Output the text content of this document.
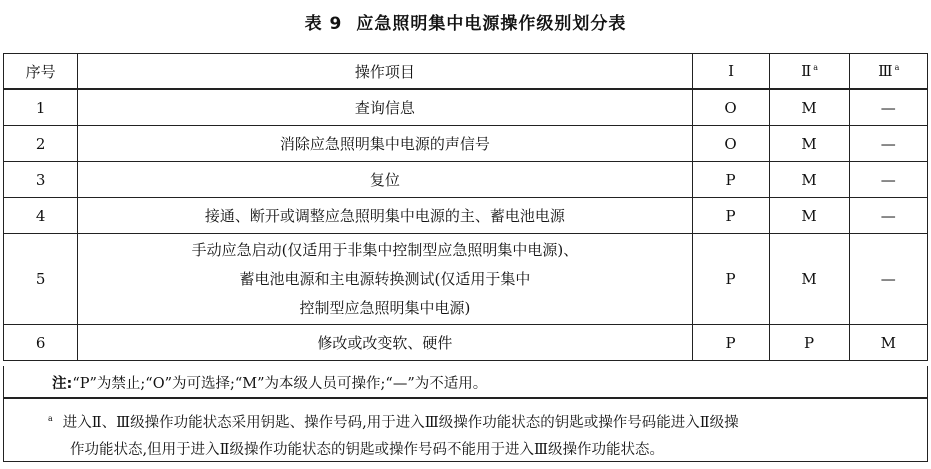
表 9 应急照明集中电源操作级别划分表
序号	操作项目	Ⅰ	Ⅱ $^a$	Ⅲ $^a$
1	查询信息	O	M	—
2	消除应急照明集中电源的声信号	O	M	—
3	复位	P	M	—
4	接通、断开或调整应急照明集中电源的主、蓄电池电源	P	M	—
5	手动应急启动(仅适用于非集中控制型应急照明集中电源)、
蓄电池电源和主电源转换测试(仅适用于集中
控制型应急照明集中电源)	P	M	—
6	修改或改变软、硬件	P	P	M
注:“P”为禁止;“O”为可选择;“M”为本级人员可操作;“—”为不适用。
$^a$ 进入Ⅱ、Ⅲ级操作功能状态采用钥匙、操作号码,用于进入Ⅲ级操作功能状态的钥匙或操作号码能进入Ⅱ级操
作功能状态,但用于进入Ⅱ级操作功能状态的钥匙或操作号码不能用于进入Ⅲ级操作功能状态。
